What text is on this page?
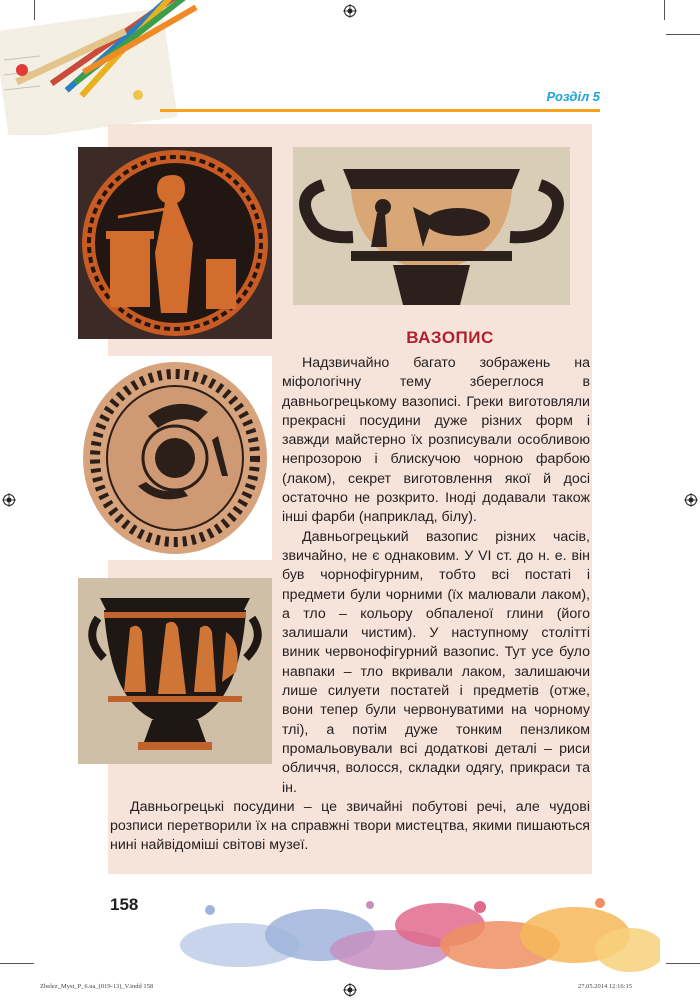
Розділ 5
ВАЗОПИС

Надзвичайно багато зображень на міфологічну тему збереглося в давньогрецькому вазописі. Греки виготовляли прекрасні посудини дуже різних форм і завжди майстерно їх розписували особливою непрозорою і блискучою чорною фарбою (лаком), секрет виготовлення якої й досі остаточно не розкрито. Іноді додавали також інші фарби (наприклад, білу).

Давньогрецький вазопис різних часів, звичайно, не є однаковим. У VI ст. до н. е. він був чорнофігурним, тобто всі постаті і предмети були чорними (їх малювали лаком), а тло – кольору обпаленої глини (його залишали чистим). У наступному столітті виник червонофігурний вазопис. Тут усе було навпаки – тло вкривали лаком, залишаючи лише силуети постатей і предметів (отже, вони тепер були червонуватими на чорному тлі), а потім дуже тонким пензликом промальовували всі додаткові деталі – риси обличчя, волосся, складки одягу, прикраси та ін.

Давньогрецькі посудини – це звичайні побутові речі, але чудові розписи перетворили їх на справжні твори мистецтва, якими пишаються нині найвідоміші світові музеї.

158
Zhelez_Myst_P_6.ua_(019-13)_V.indd 158	27.05.2014 12:16:15
